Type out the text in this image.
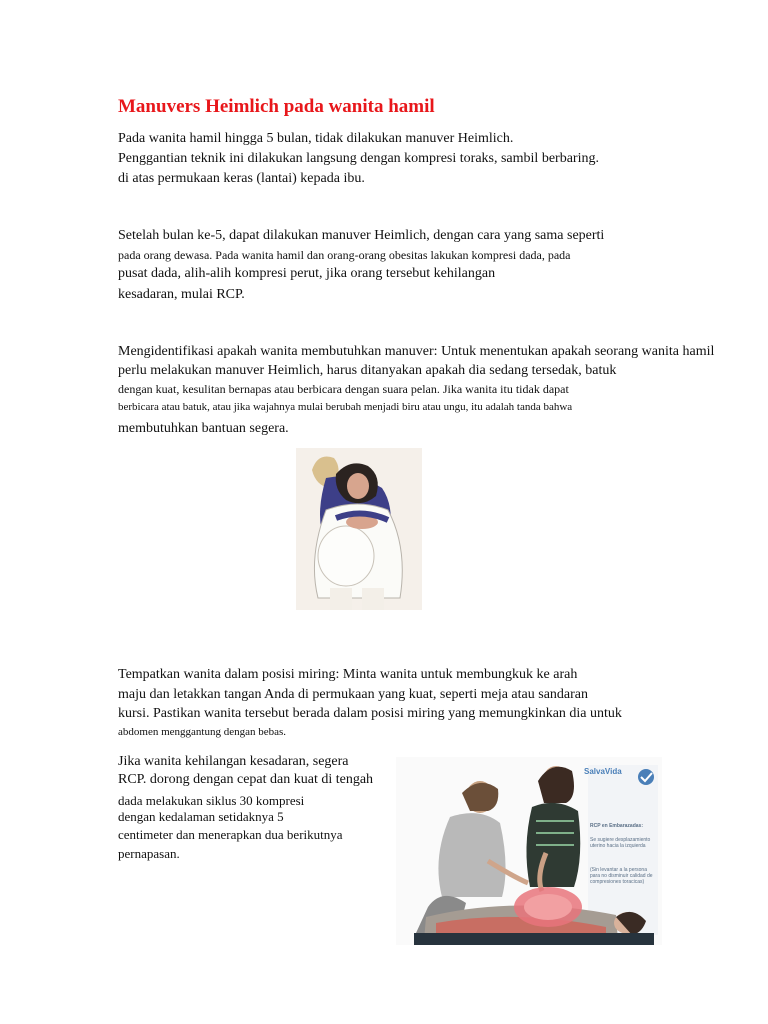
Manuvers Heimlich pada wanita hamil
Pada wanita hamil hingga 5 bulan, tidak dilakukan manuver Heimlich.
Penggantian teknik ini dilakukan langsung dengan kompresi toraks, sambil berbaring.
di atas permukaan keras (lantai) kepada ibu.
Setelah bulan ke-5, dapat dilakukan manuver Heimlich, dengan cara yang sama seperti
pada orang dewasa. Pada wanita hamil dan orang-orang obesitas lakukan kompresi dada, pada
pusat dada, alih-alih kompresi perut, jika orang tersebut kehilangan
kesadaran, mulai RCP.
Mengidentifikasi apakah wanita membutuhkan manuver: Untuk menentukan apakah seorang wanita hamil
perlu melakukan manuver Heimlich, harus ditanyakan apakah dia sedang tersedak, batuk
dengan kuat, kesulitan bernapas atau berbicara dengan suara pelan. Jika wanita itu tidak dapat
berbicara atau batuk, atau jika wajahnya mulai berubah menjadi biru atau ungu, itu adalah tanda bahwa
membutuhkan bantuan segera.
Tempatkan wanita dalam posisi miring: Minta wanita untuk membungkuk ke arah
maju dan letakkan tangan Anda di permukaan yang kuat, seperti meja atau sandaran
kursi. Pastikan wanita tersebut berada dalam posisi miring yang memungkinkan dia untuk
abdomen menggantung dengan bebas.
Jika wanita kehilangan kesadaran, segera
RCP. dorong dengan cepat dan kuat di tengah
dada melakukan siklus 30 kompresi
dengan kedalaman setidaknya 5
centimeter dan menerapkan dua berikutnya
pernapasan.
SalvaVida
RCP en Embarazadas:
Se sugiere desplazamiento uterino hacia la izquierda
(Sin levantar a la persona para no disminuir calidad de compresiones toracicas)
